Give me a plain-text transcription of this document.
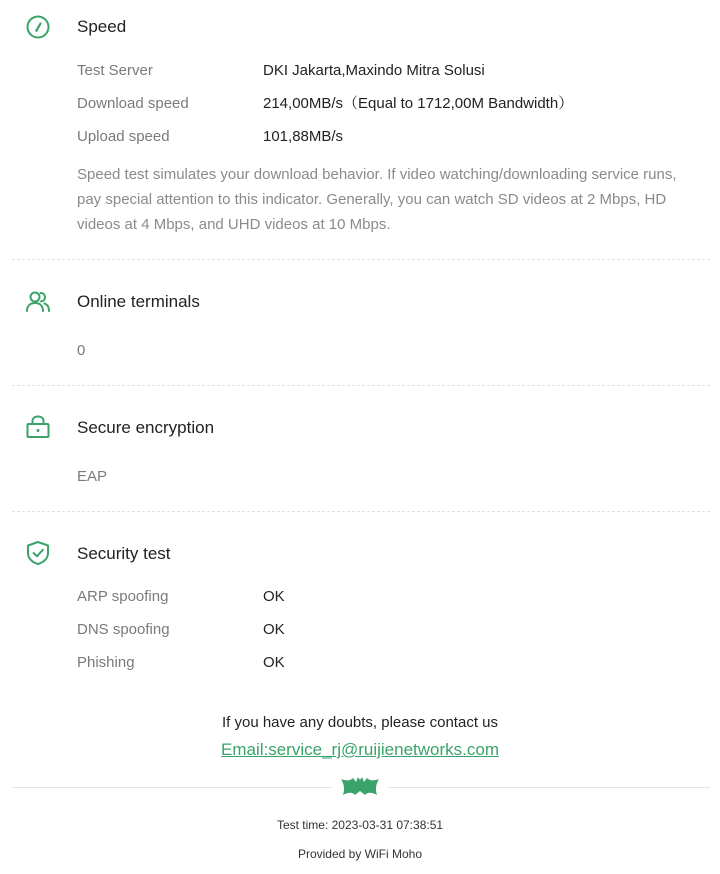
Speed
Test Server	DKI Jakarta,Maxindo Mitra Solusi
Download speed	214,00MB/s（Equal to 1712,00M Bandwidth）
Upload speed	101,88MB/s
Speed test simulates your download behavior. If video watching/downloading service runs, pay special attention to this indicator. Generally, you can watch SD videos at 2 Mbps, HD videos at 4 Mbps, and UHD videos at 10 Mbps.
Online terminals
0
Secure encryption
EAP
Security test
ARP spoofing	OK
DNS spoofing	OK
Phishing	OK
If you have any doubts, please contact us
Email:service_rj@ruijienetworks.com
Test time: 2023-03-31 07:38:51
Provided by WiFi Moho
